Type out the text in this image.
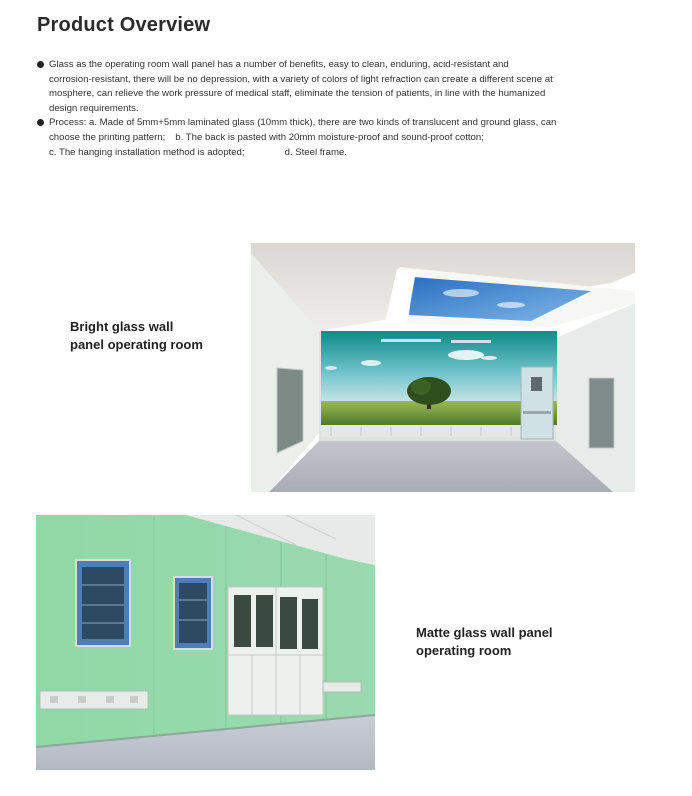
Product Overview
Glass as the operating room wall panel has a number of benefits, easy to clean, enduring, acid-resistant and
corrosion-resistant, there will be no depression, with a variety of colors of light refraction can create a different scene at
mosphere, can relieve the work pressure of medical staff, eliminate the tension of patients, in line with the humanized
design requirements.
Process: a. Made of 5mm+5mm laminated glass (10mm thick), there are two kinds of translucent and ground glass, can
choose the printing pattern; b. The back is pasted with 20mm moisture-proof and sound-proof cotton;
c. The hanging installation method is adopted;	d. Steel frame.
Bright glass wall
panel operating room
Matte glass wall panel
operating room
